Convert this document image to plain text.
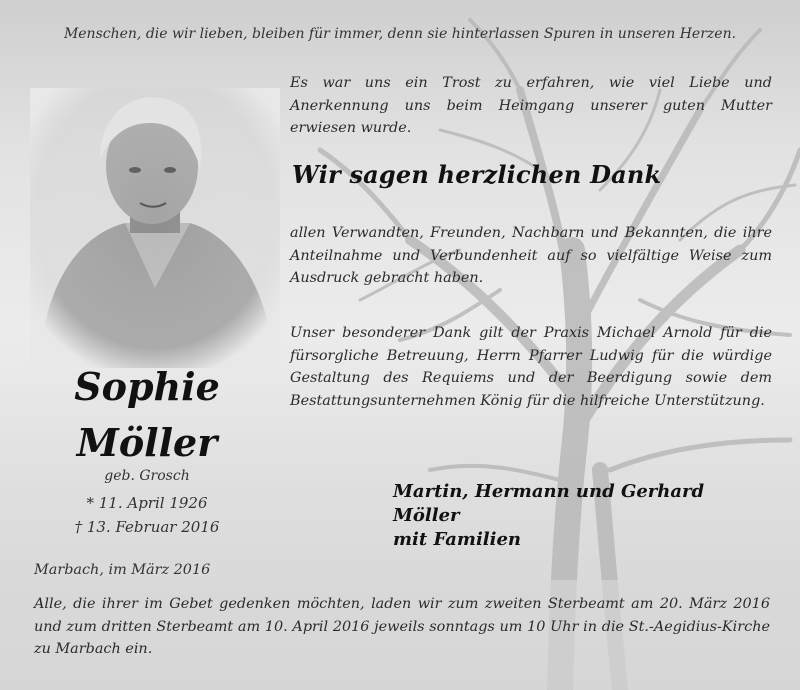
Menschen, die wir lieben, bleiben für immer, denn sie hinterlassen Spuren in unseren Herzen.

Es war uns ein Trost zu erfahren, wie viel Liebe und Anerkennung uns beim Heimgang unserer guten Mutter erwiesen wurde.

Wir sagen herzlichen Dank

allen Verwandten, Freunden, Nachbarn und Bekannten, die ihre Anteilnahme und Verbundenheit auf so vielfältige Weise zum Ausdruck gebracht haben.

Unser besonderer Dank gilt der Praxis Michael Arnold für die fürsorgliche Betreuung, Herrn Pfarrer Ludwig für die würdige Gestaltung des Requiems und der Beerdigung sowie dem Bestattungsunternehmen König für die hilfreiche Unterstützung.

Martin, Hermann und Gerhard Möller
mit Familien

Sophie

Möller

geb. Grosch

* 11. April 1926

† 13. Februar 2016

Marbach, im März 2016

Alle, die ihrer im Gebet gedenken möchten, laden wir zum zweiten Sterbeamt am 20. März 2016 und zum dritten Sterbeamt am 10. April 2016 jeweils sonntags um 10 Uhr in die St.-Aegidius-Kirche zu Marbach ein.
